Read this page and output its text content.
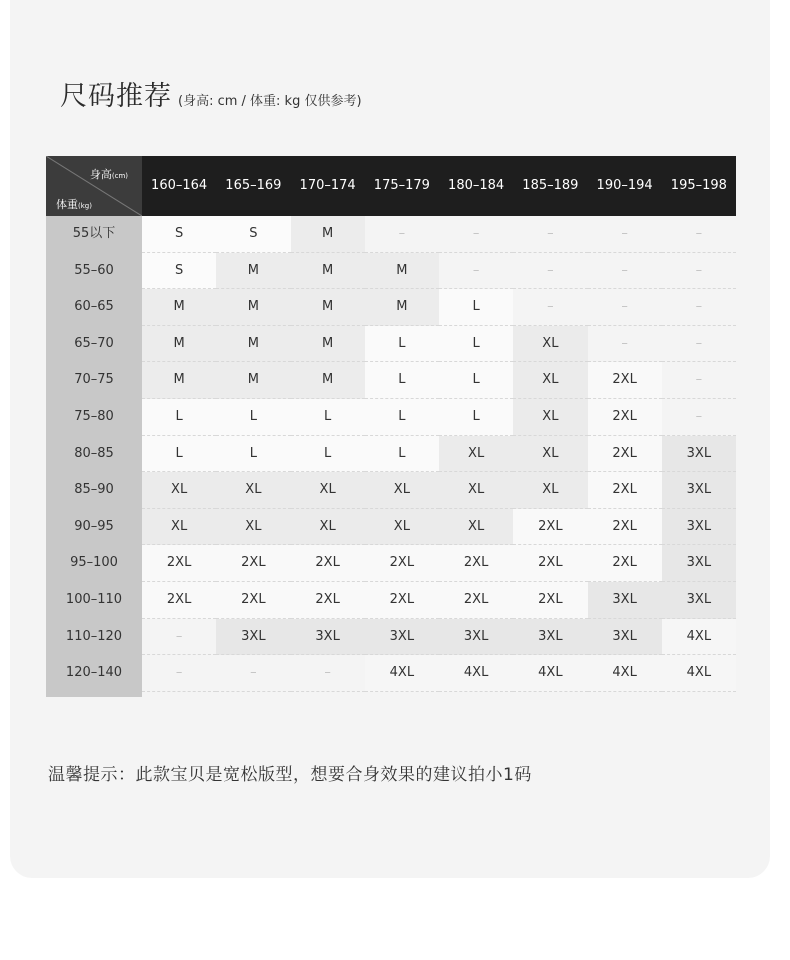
尺码推荐 (身高: cm / 体重: kg 仅供参考)
身高(cm)
体重(kg)
160–164	165–169	170–174	175–179	180–184	185–189	190–194	195–198
55以下	S	S	M	–	–	–	–	–
55–60	S	M	M	M	–	–	–	–
60–65	M	M	M	M	L	–	–	–
65–70	M	M	M	L	L	XL	–	–
70–75	M	M	M	L	L	XL	2XL	–
75–80	L	L	L	L	L	XL	2XL	–
80–85	L	L	L	L	XL	XL	2XL	3XL
85–90	XL	XL	XL	XL	XL	XL	2XL	3XL
90–95	XL	XL	XL	XL	XL	2XL	2XL	3XL
95–100	2XL	2XL	2XL	2XL	2XL	2XL	2XL	3XL
100–110	2XL	2XL	2XL	2XL	2XL	2XL	3XL	3XL
110–120	–	3XL	3XL	3XL	3XL	3XL	3XL	4XL
120–140	–	–	–	4XL	4XL	4XL	4XL	4XL
温馨提示：此款宝贝是宽松版型，想要合身效果的建议拍小1码
